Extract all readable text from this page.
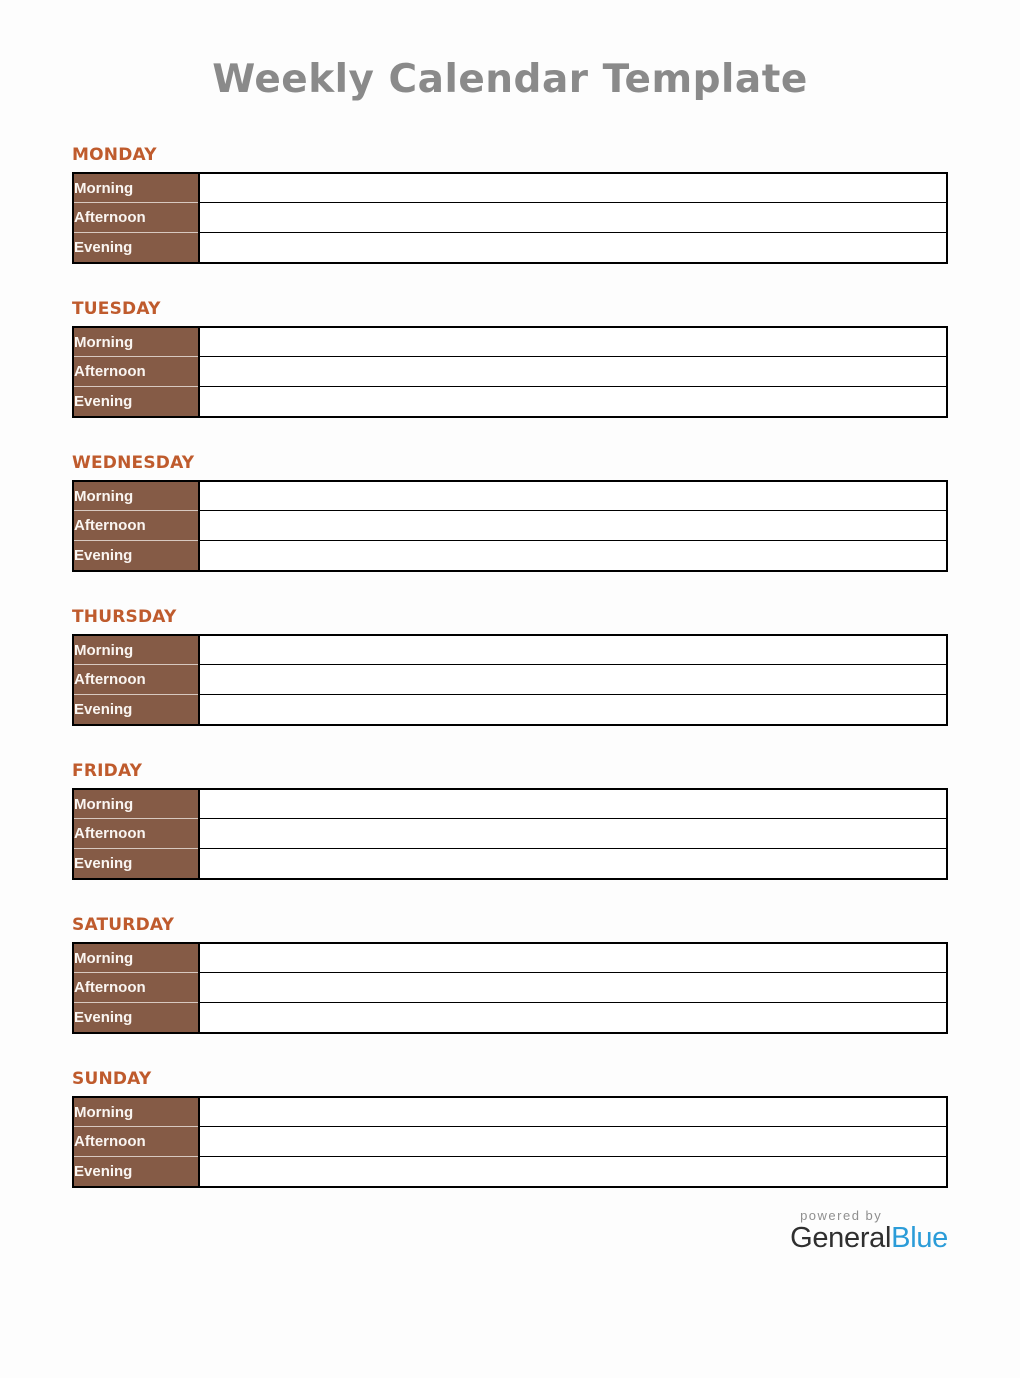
Weekly Calendar Template
MONDAY
Morning	
Afternoon	
Evening	
TUESDAY
Morning	
Afternoon	
Evening	
WEDNESDAY
Morning	
Afternoon	
Evening	
THURSDAY
Morning	
Afternoon	
Evening	
FRIDAY
Morning	
Afternoon	
Evening	
SATURDAY
Morning	
Afternoon	
Evening	
SUNDAY
Morning	
Afternoon	
Evening	
powered by
GeneralBlue
